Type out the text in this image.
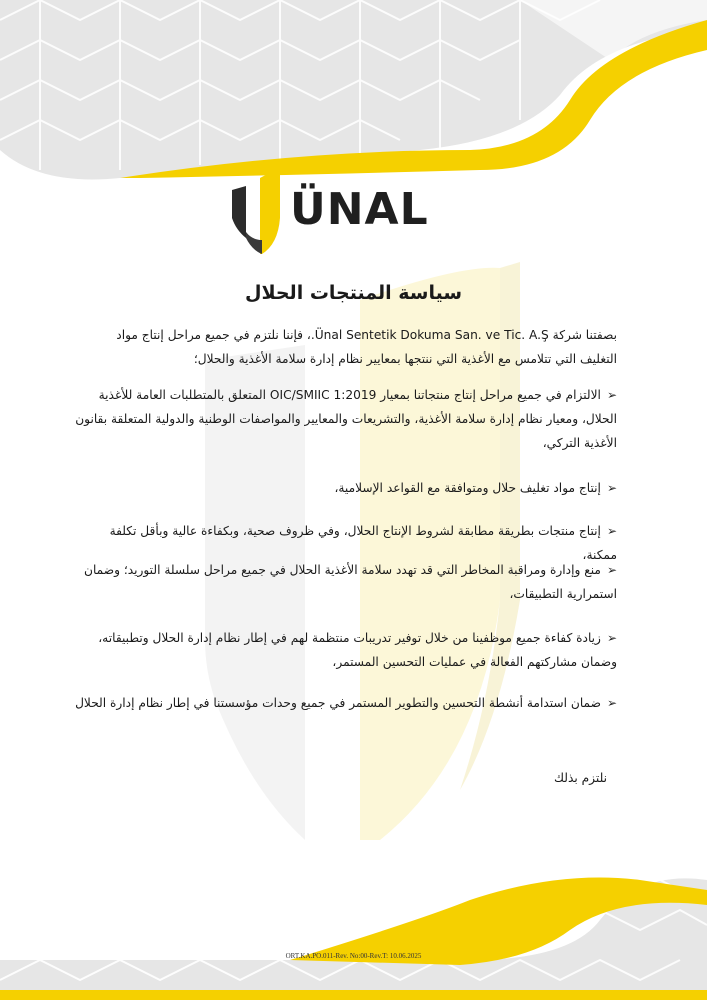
ÜNAL
سياسة المنتجات الحلال
بصفتنا شركة Ünal Sentetik Dokuma San. ve Tic. A.Ş.، فإننا نلتزم في جميع مراحل إنتاج مواد التغليف التي تتلامس مع الأغذية التي ننتجها بمعايير نظام إدارة سلامة الأغذية والحلال؛
➢الالتزام في جميع مراحل إنتاج منتجاتنا بمعيار OIC/SMIIC 1:2019 المتعلق بالمتطلبات العامة للأغذية الحلال، ومعيار نظام إدارة سلامة الأغذية، والتشريعات والمعايير والمواصفات الوطنية والدولية المتعلقة بقانون الأغذية التركي،
➢إنتاج مواد تغليف حلال ومتوافقة مع القواعد الإسلامية،
➢إنتاج منتجات بطريقة مطابقة لشروط الإنتاج الحلال، وفي ظروف صحية، وبكفاءة عالية وبأقل تكلفة ممكنة،
➢منع وإدارة ومراقبة المخاطر التي قد تهدد سلامة الأغذية الحلال في جميع مراحل سلسلة التوريد؛ وضمان استمرارية التطبيقات،
➢زيادة كفاءة جميع موظفينا من خلال توفير تدريبات منتظمة لهم في إطار نظام إدارة الحلال وتطبيقاته، وضمان مشاركتهم الفعالة في عمليات التحسين المستمر،
➢ضمان استدامة أنشطة التحسين والتطوير المستمر في جميع وحدات مؤسستنا في إطار نظام إدارة الحلال
نلتزم بذلك
ORT.KA.PO.011-Rev. No:00-Rev.T: 10.06.2025
